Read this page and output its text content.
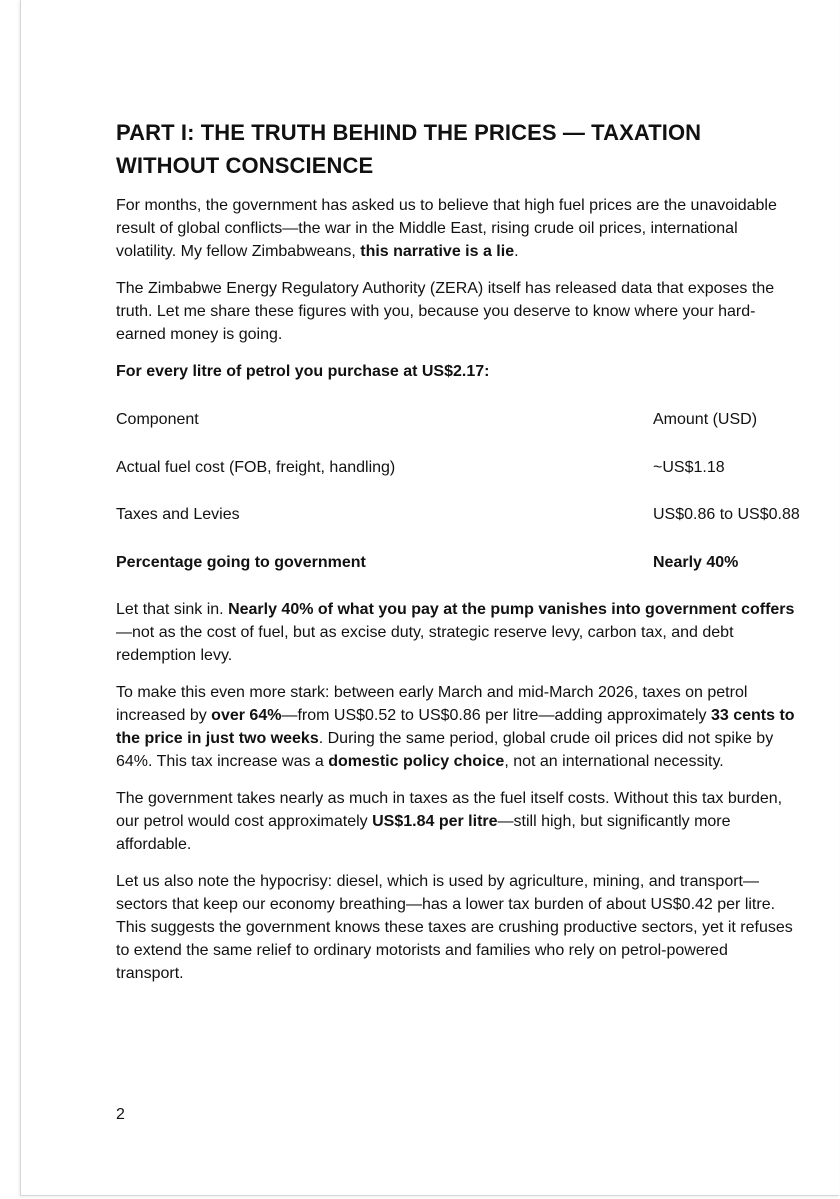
PART I: THE TRUTH BEHIND THE PRICES — TAXATION
WITHOUT CONSCIENCE

For months, the government has asked us to believe that high fuel prices are the unavoidable result of global conflicts—the war in the Middle East, rising crude oil prices, international volatility. My fellow Zimbabweans, this narrative is a lie.

The Zimbabwe Energy Regulatory Authority (ZERA) itself has released data that exposes the truth. Let me share these figures with you, because you deserve to know where your hard-earned money is going.

For every litre of petrol you purchase at US$2.17:

Component	Amount (USD)
Actual fuel cost (FOB, freight, handling)	~US$1.18
Taxes and Levies	US$0.86 to US$0.88
Percentage going to government	Nearly 40%

Let that sink in. Nearly 40% of what you pay at the pump vanishes into government coffers—not as the cost of fuel, but as excise duty, strategic reserve levy, carbon tax, and debt redemption levy.

To make this even more stark: between early March and mid-March 2026, taxes on petrol increased by over 64%—from US$0.52 to US$0.86 per litre—adding approximately 33 cents to the price in just two weeks. During the same period, global crude oil prices did not spike by 64%. This tax increase was a domestic policy choice, not an international necessity.

The government takes nearly as much in taxes as the fuel itself costs. Without this tax burden, our petrol would cost approximately US$1.84 per litre—still high, but significantly more affordable.

Let us also note the hypocrisy: diesel, which is used by agriculture, mining, and transport—sectors that keep our economy breathing—has a lower tax burden of about US$0.42 per litre. This suggests the government knows these taxes are crushing productive sectors, yet it refuses to extend the same relief to ordinary motorists and families who rely on petrol-powered transport.

2
